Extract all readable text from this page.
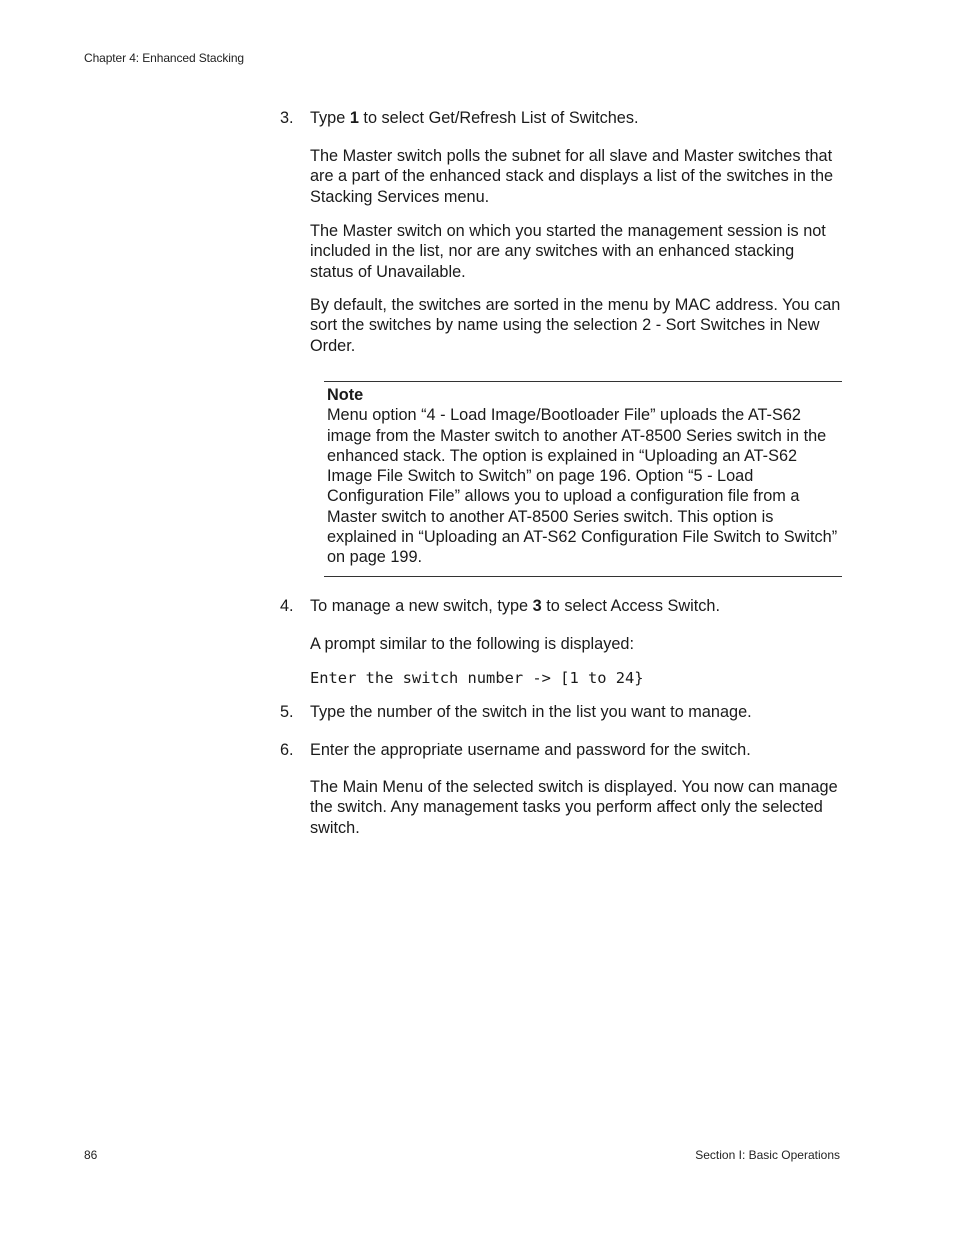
Chapter 4: Enhanced Stacking
3.	Type 1 to select Get/Refresh List of Switches.
The Master switch polls the subnet for all slave and Master switches that are a part of the enhanced stack and displays a list of the switches in the Stacking Services menu.
The Master switch on which you started the management session is not included in the list, nor are any switches with an enhanced stacking status of Unavailable.
By default, the switches are sorted in the menu by MAC address. You can sort the switches by name using the selection 2 - Sort Switches in New Order.
Note
Menu option “4 - Load Image/Bootloader File” uploads the AT-S62 image from the Master switch to another AT-8500 Series switch in the enhanced stack. The option is explained in “Uploading an AT-S62 Image File Switch to Switch” on page 196. Option “5 - Load Configuration File” allows you to upload a configuration file from a Master switch to another AT-8500 Series switch. This option is explained in “Uploading an AT-S62 Configuration File Switch to Switch” on page 199.
4.	To manage a new switch, type 3 to select Access Switch.
A prompt similar to the following is displayed:
Enter the switch number -> [1 to 24}
5.	Type the number of the switch in the list you want to manage.
6.	Enter the appropriate username and password for the switch.
The Main Menu of the selected switch is displayed. You now can manage the switch. Any management tasks you perform affect only the selected switch.
86	Section I: Basic Operations
